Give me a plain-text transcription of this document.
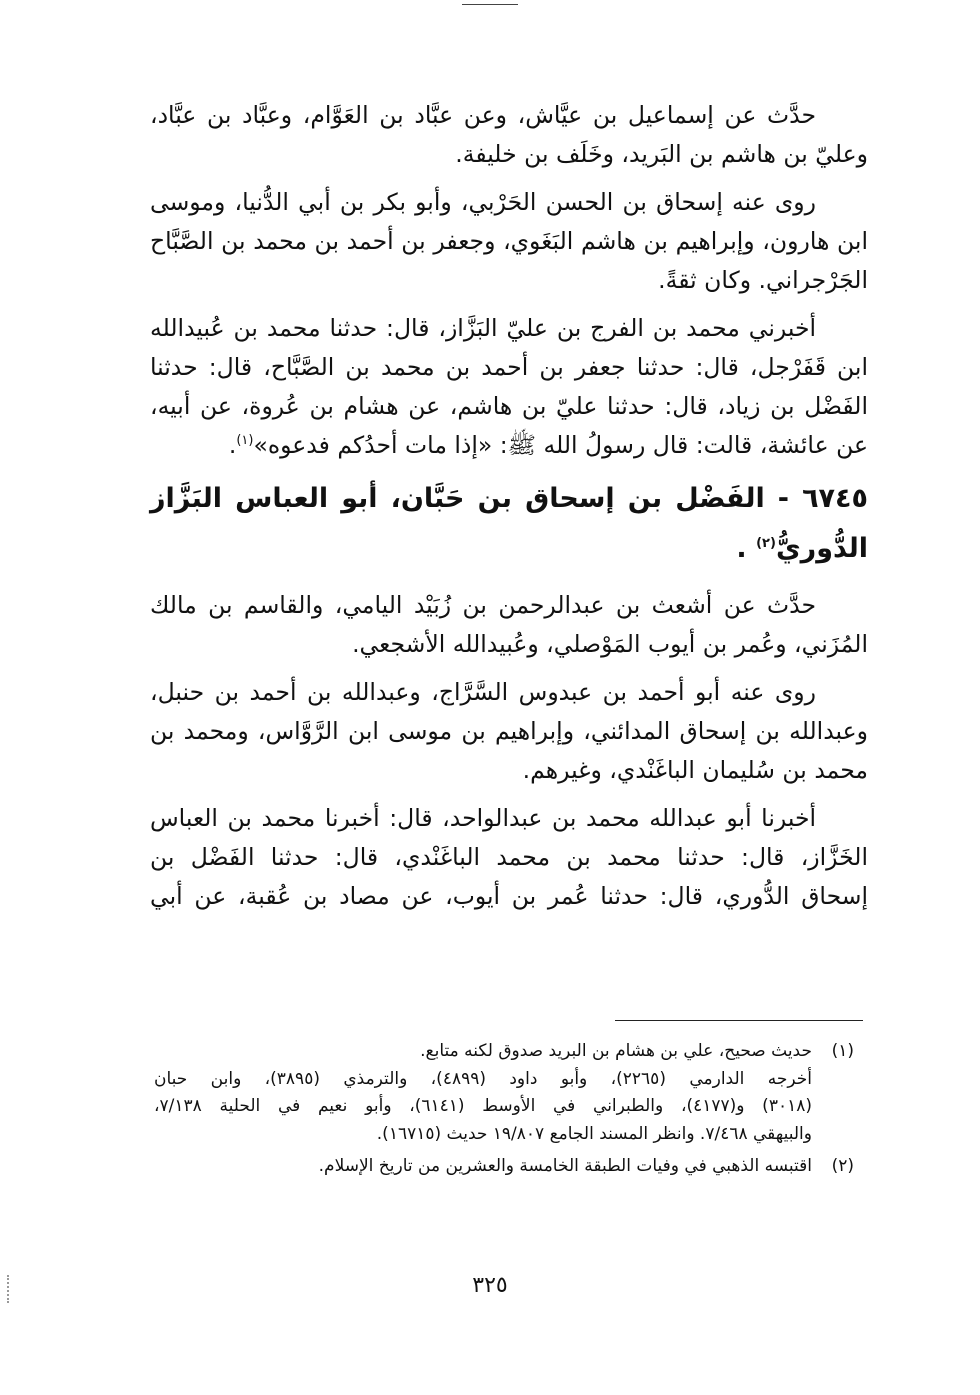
حدَّث عن إسماعيل بن عيَّاش، وعن عبَّاد بن العَوَّام، وعبَّاد بن عبَّاد،
وعليّ بن هاشم بن البَريد، وخَلَف بن خليفة.
روى عنه إسحاق بن الحسن الحَرْبي، وأبو بكر بن أبي الدُّنيا، وموسى
ابن هارون، وإبراهيم بن هاشم البَغَوي، وجعفر بن أحمد بن محمد بن الصَّبَّاح
الجَرْجراني. وكان ثقةً.
أخبرني محمد بن الفرج بن عليّ البَزَّاز، قال: حدثنا محمد بن عُبيدالله
ابن قَفَرْجل، قال: حدثنا جعفر بن أحمد بن محمد بن الصَّبَّاح، قال: حدثنا
الفَضْل بن زياد، قال: حدثنا عليّ بن هاشم، عن هشام بن عُروة، عن أبيه،
عن عائشة، قالت: قال رسولُ الله ﷺ: «إذا مات أحدُكم فدعوه»$^{(١)}$.
٦٧٤٥ - الفَضْل بن إسحاق بن حَبَّان، أبو العباس البَزَّاز
الدُّوريُّ$^{(٢)}$ .
حدَّث عن أشعث بن عبدالرحمن بن زُبَيْد اليامي، والقاسم بن مالك
المُزَني، وعُمر بن أيوب المَوْصلي، وعُبيدالله الأشجعي.
روى عنه أبو أحمد بن عبدوس السَّرَّاج، وعبدالله بن أحمد بن حنبل،
وعبدالله بن إسحاق المدائني، وإبراهيم بن موسى ابن الرَّوَّاس، ومحمد بن
محمد بن سُليمان الباغَنْدي، وغيرهم.
أخبرنا أبو عبدالله محمد بن عبدالواحد، قال: أخبرنا محمد بن العباس
الخَزَّاز، قال: حدثنا محمد بن محمد الباغَنْدي، قال: حدثنا الفَضْل بن
إسحاق الدُّوري، قال: حدثنا عُمر بن أيوب، عن مصاد بن عُقبة، عن أبي
(١)
حديث صحيح، علي بن هشام بن البريد صدوق لكنه متابع.
أخرجه الدارمي (٢٢٦٥)، وأبو داود (٤٨٩٩)، والترمذي (٣٨٩٥)، وابن حبان
(٣٠١٨) و(٤١٧٧)، والطبراني في الأوسط (٦١٤١)، وأبو نعيم في الحلية ٧/١٣٨،
والبيهقي ٧/٤٦٨. وانظر المسند الجامع ١٩/٨٠٧ حديث (١٦٧١٥).
(٢)
اقتبسه الذهبي في وفيات الطبقة الخامسة والعشرين من تاريخ الإسلام.
٣٢٥
